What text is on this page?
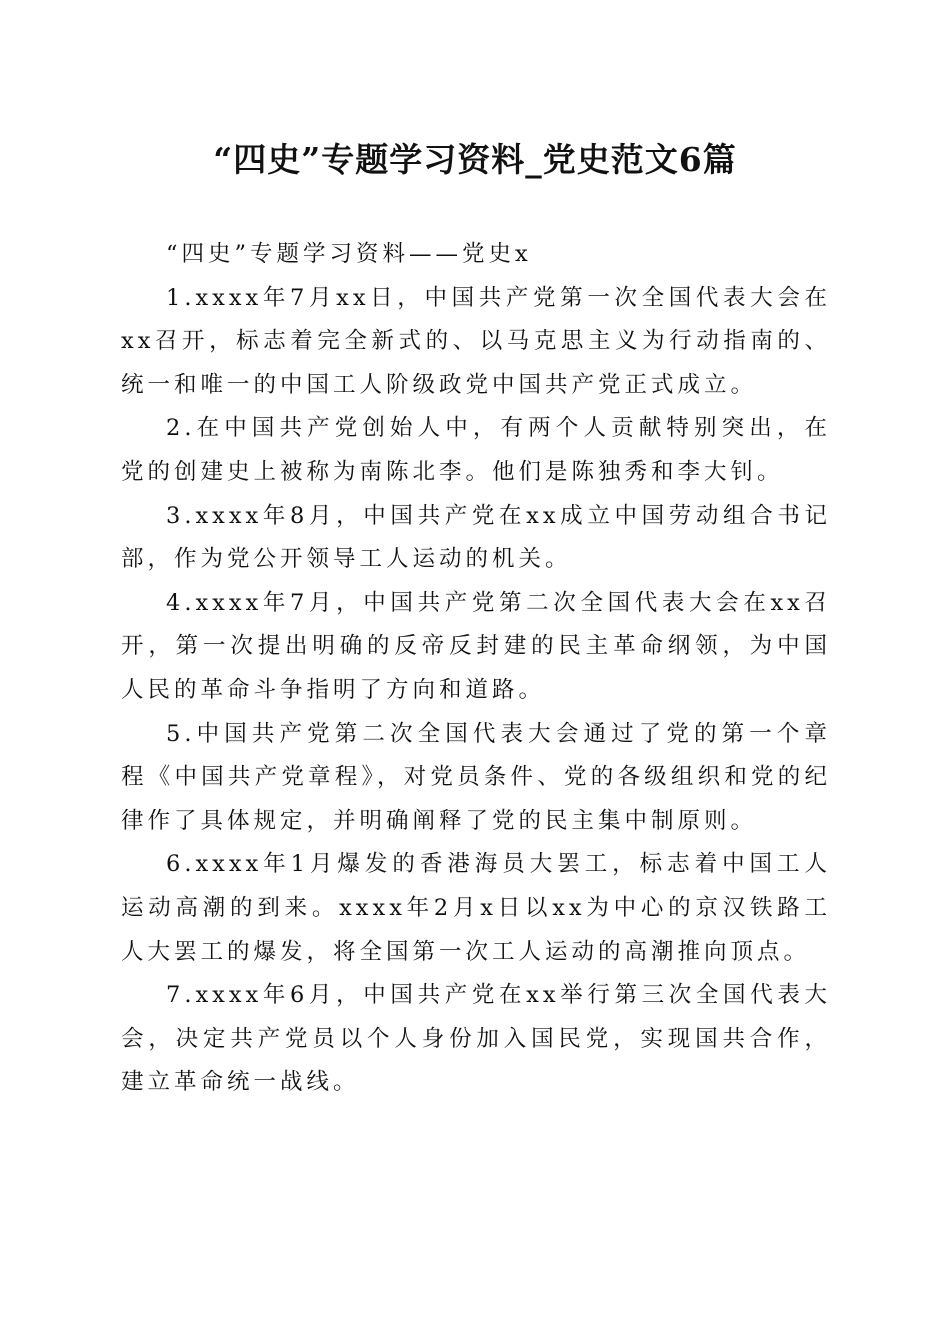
“四史”专题学习资料_党史范文6篇

“四史”专题学习资料——党史x

1.xxxx年7月xx日，中国共产党第一次全国代表大会在xx召开，标志着完全新式的、以马克思主义为行动指南的、统一和唯一的中国工人阶级政党中国共产党正式成立。

2.在中国共产党创始人中，有两个人贡献特别突出，在党的创建史上被称为南陈北李。他们是陈独秀和李大钊。

3.xxxx年8月，中国共产党在xx成立中国劳动组合书记部，作为党公开领导工人运动的机关。

4.xxxx年7月，中国共产党第二次全国代表大会在xx召开，第一次提出明确的反帝反封建的民主革命纲领，为中国人民的革命斗争指明了方向和道路。

5.中国共产党第二次全国代表大会通过了党的第一个章程《中国共产党章程》，对党员条件、党的各级组织和党的纪律作了具体规定，并明确阐释了党的民主集中制原则。

6.xxxx年1月爆发的香港海员大罢工，标志着中国工人运动高潮的到来。xxxx年2月x日以xx为中心的京汉铁路工人大罢工的爆发，将全国第一次工人运动的高潮推向顶点。

7.xxxx年6月，中国共产党在xx举行第三次全国代表大会，决定共产党员以个人身份加入国民党，实现国共合作，建立革命统一战线。
